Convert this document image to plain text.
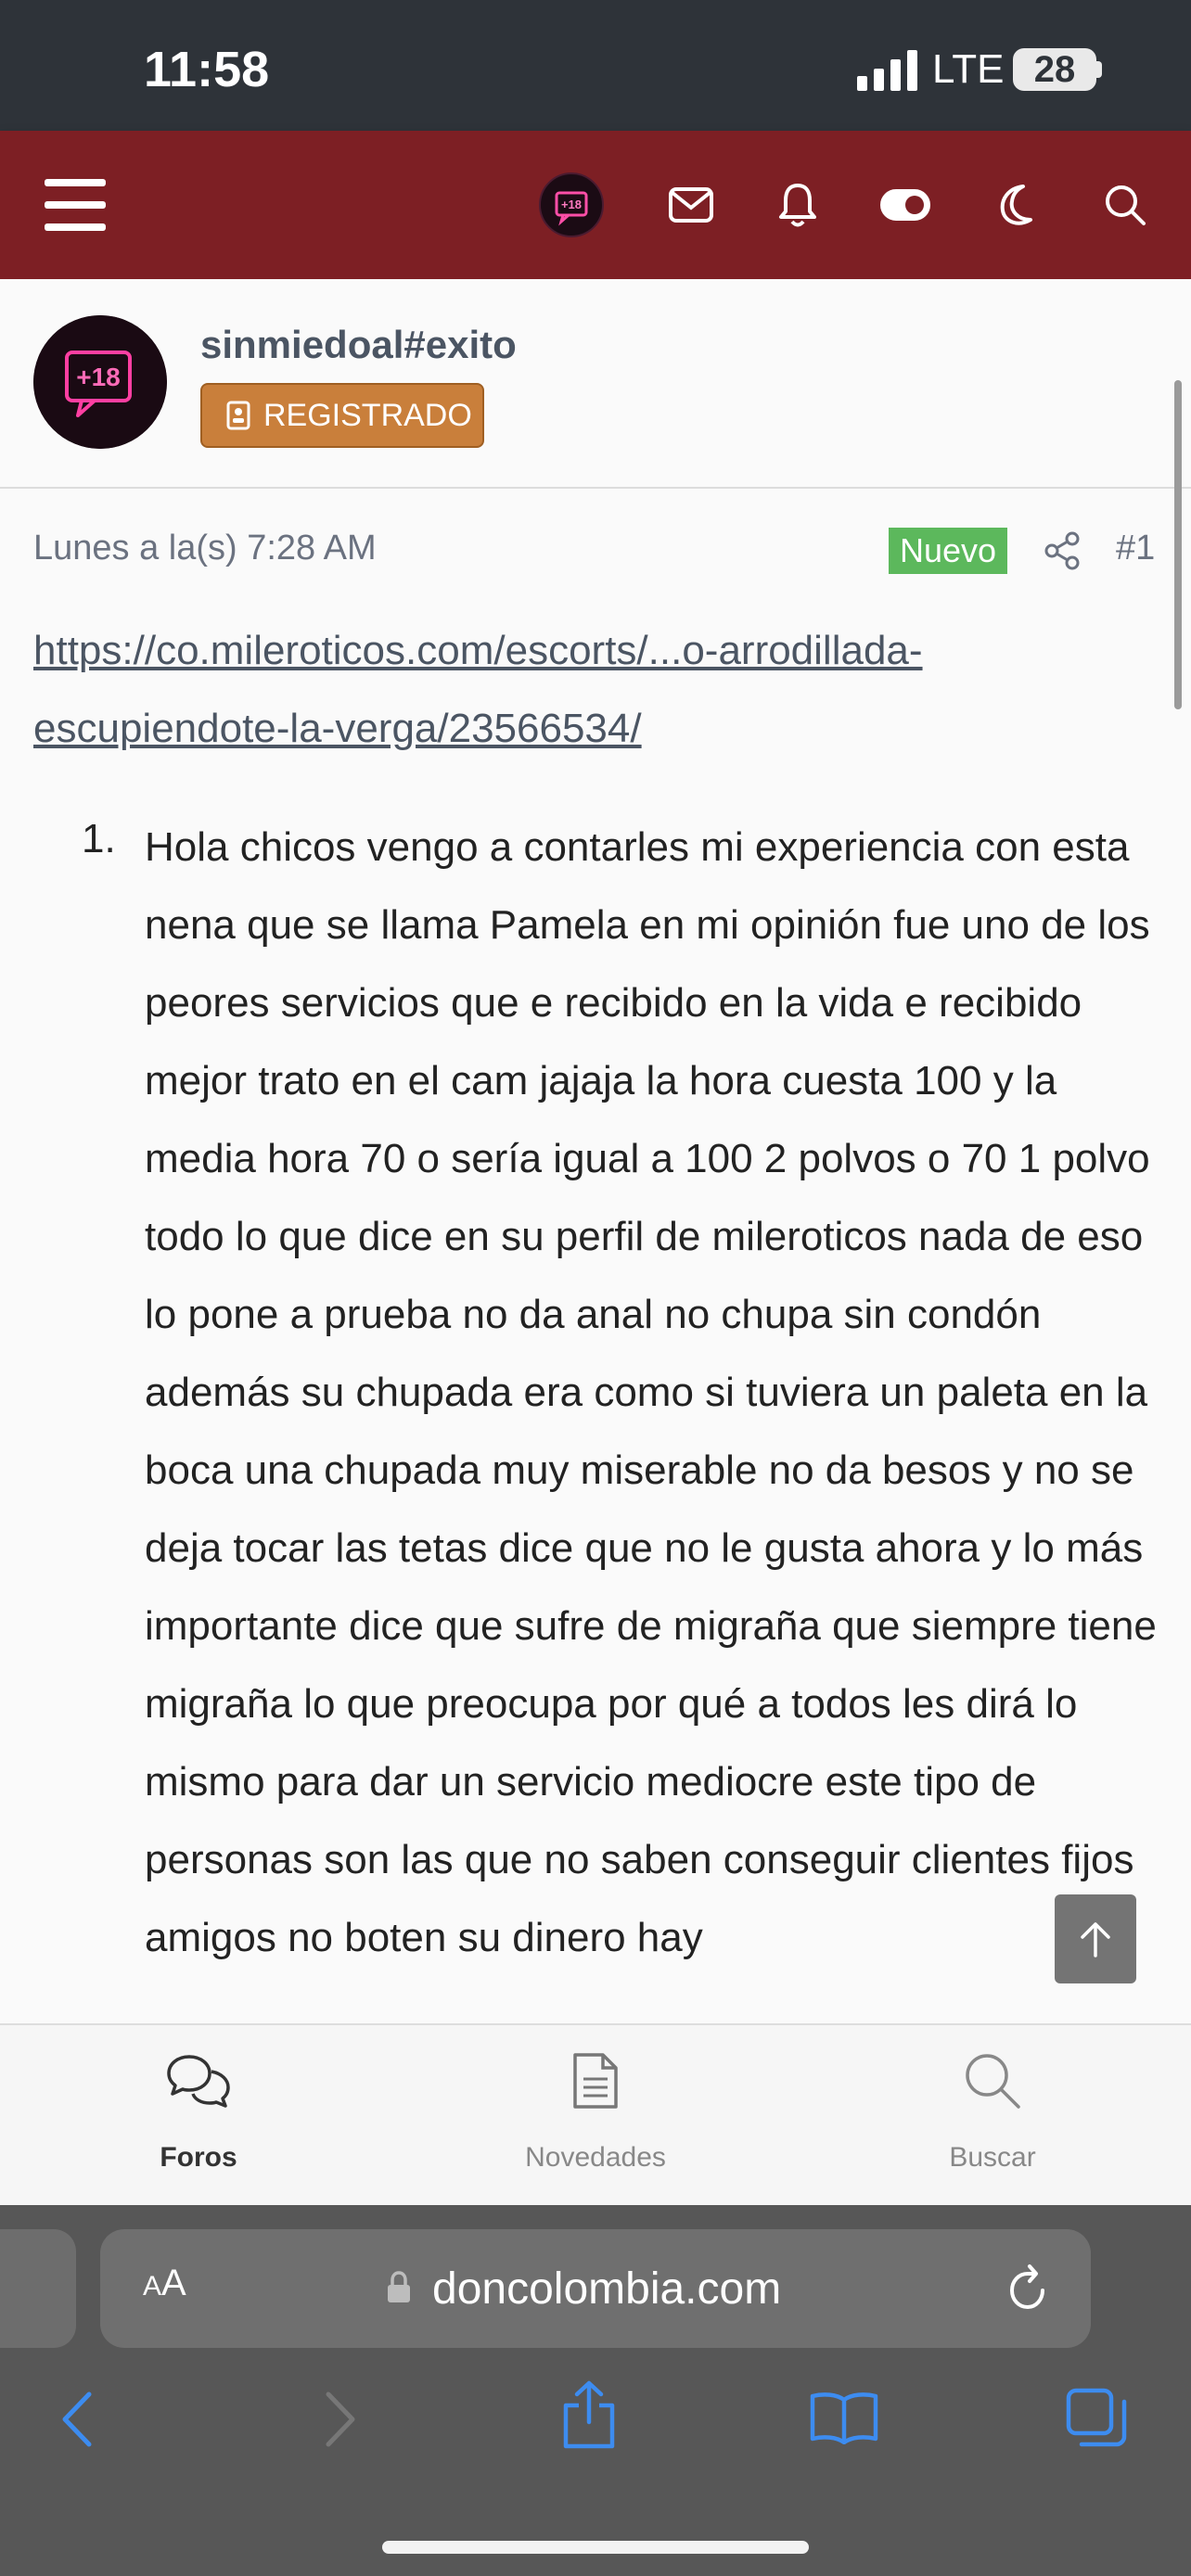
11:58	LTE 28
+18
+18
sinmiedoal#exito
REGISTRADO
Lunes a la(s) 7:28 AM	Nuevo	#1
https://co.mileroticos.com/escorts/...o-arrodillada-escupiendote-la-verga/23566534/
1. Hola chicos vengo a contarles mi experiencia con esta nena que se llama Pamela en mi opinión fue uno de los peores servicios que e recibido en la vida e recibido mejor trato en el cam jajaja la hora cuesta 100 y la media hora 70 o sería igual a 100 2 polvos o 70 1 polvo todo lo que dice en su perfil de mileroticos nada de eso lo pone a prueba no da anal no chupa sin condón además su chupada era como si tuviera un paleta en la boca una chupada muy miserable no da besos y no se deja tocar las tetas dice que no le gusta ahora y lo más importante dice que sufre de migraña que siempre tiene migraña lo que preocupa por qué a todos les dirá lo mismo para dar un servicio mediocre este tipo de personas son las que no saben conseguir clientes fijos amigos no boten su dinero hay
Foros	Novedades	Buscar
AA	doncolombia.com
